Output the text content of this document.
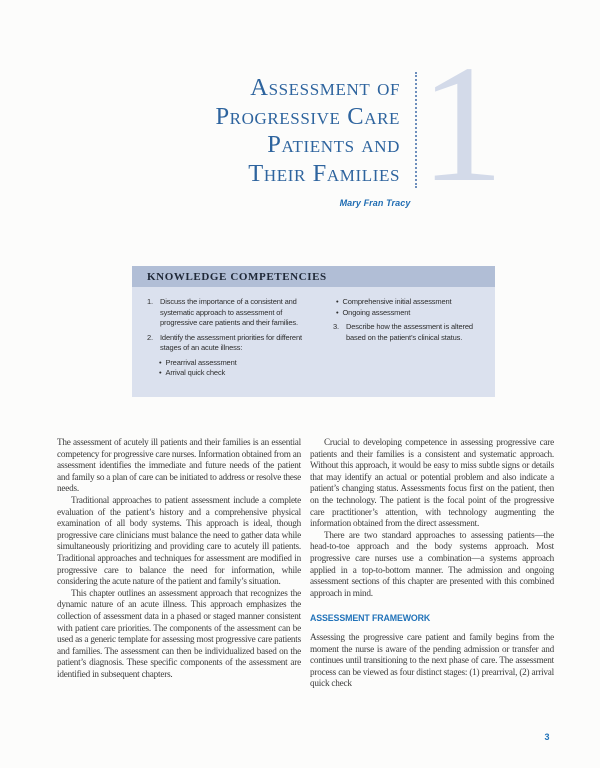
Assessment of
Progressive Care
Patients and
Their Families 1
Mary Fran Tracy
KNOWLEDGE COMPETENCIES
1. Discuss the importance of a consistent and systematic approach to assessment of progressive care patients and their families.
2. Identify the assessment priorities for different stages of an acute illness:
• Prearrival assessment
• Arrival quick check
• Comprehensive initial assessment
• Ongoing assessment
3. Describe how the assessment is altered based on the patient’s clinical status.

The assessment of acutely ill patients and their families is an essential competency for progressive care nurses. Information obtained from an assessment identifies the immediate and future needs of the patient and family so a plan of care can be initiated to address or resolve these needs.

Traditional approaches to patient assessment include a complete evaluation of the patient’s history and a comprehensive physical examination of all body systems. This approach is ideal, though progressive care clinicians must balance the need to gather data while simultaneously prioritizing and providing care to acutely ill patients. Traditional approaches and techniques for assessment are modified in progressive care to balance the need for information, while considering the acute nature of the patient and family’s situation.

This chapter outlines an assessment approach that recognizes the dynamic nature of an acute illness. This approach emphasizes the collection of assessment data in a phased or staged manner consistent with patient care priorities. The components of the assessment can be used as a generic template for assessing most progressive care patients and families. The assessment can then be individualized based on the patient’s diagnosis. These specific components of the assessment are identified in subsequent chapters.

Crucial to developing competence in assessing progressive care patients and their families is a consistent and systematic approach. Without this approach, it would be easy to miss subtle signs or details that may identify an actual or potential problem and also indicate a patient’s changing status. Assessments focus first on the patient, then on the technology. The patient is the focal point of the progressive care practitioner’s attention, with technology augmenting the information obtained from the direct assessment.

There are two standard approaches to assessing patients—the head-to-toe approach and the body systems approach. Most progressive care nurses use a combination—a systems approach applied in a top-to-bottom manner. The admission and ongoing assessment sections of this chapter are presented with this combined approach in mind.

ASSESSMENT FRAMEWORK

Assessing the progressive care patient and family begins from the moment the nurse is aware of the pending admission or transfer and continues until transitioning to the next phase of care. The assessment process can be viewed as four distinct stages: (1) prearrival, (2) arrival quick check

3
